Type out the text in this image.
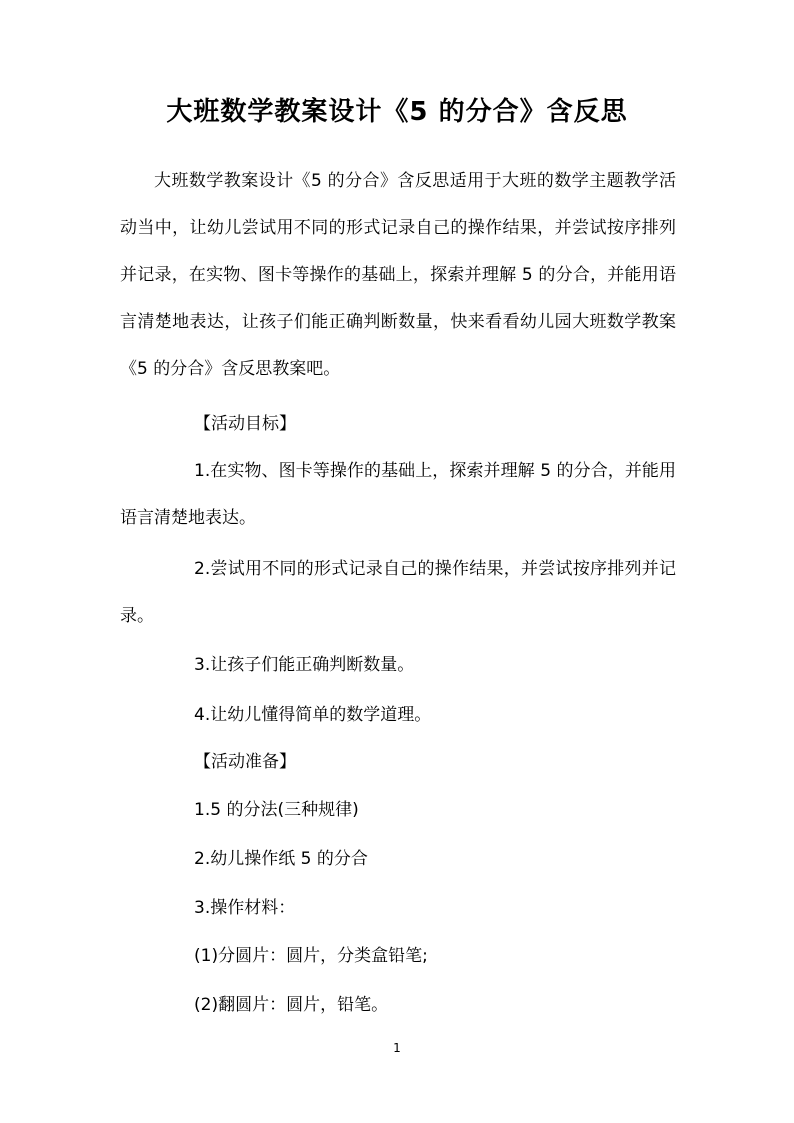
大班数学教案设计《5 的分合》含反思
大班数学教案设计《5 的分合》含反思适用于大班的数学主题教学活动当中，让幼儿尝试用不同的形式记录自己的操作结果，并尝试按序排列并记录，在实物、图卡等操作的基础上，探索并理解 5 的分合，并能用语言清楚地表达，让孩子们能正确判断数量，快来看看幼儿园大班数学教案《5 的分合》含反思教案吧。
【活动目标】
1.在实物、图卡等操作的基础上，探索并理解 5 的分合，并能用语言清楚地表达。
2.尝试用不同的形式记录自己的操作结果，并尝试按序排列并记录。
3.让孩子们能正确判断数量。
4.让幼儿懂得简单的数学道理。
【活动准备】
1.5 的分法(三种规律)
2.幼儿操作纸 5 的分合
3.操作材料：
(1)分圆片：圆片，分类盒铅笔;
(2)翻圆片：圆片，铅笔。
1
